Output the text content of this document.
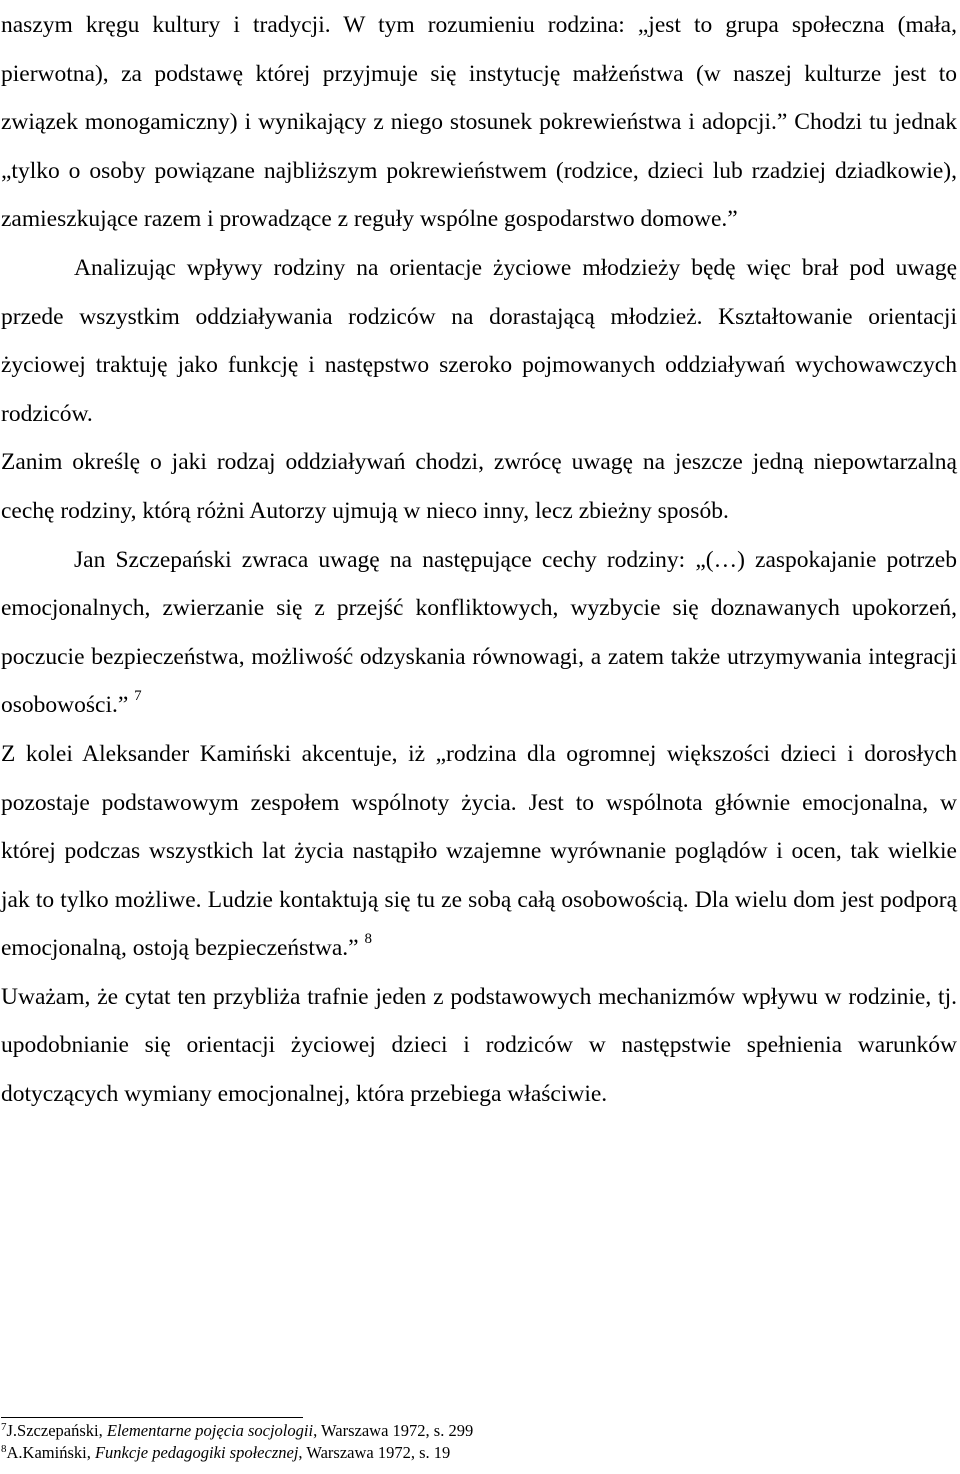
naszym kręgu kultury i tradycji. W tym rozumieniu rodzina: „jest to grupa społeczna (mała, pierwotna), za podstawę której przyjmuje się instytucję małżeństwa (w naszej kulturze jest to związek monogamiczny) i wynikający z niego stosunek pokrewieństwa i adopcji.” Chodzi tu jednak „tylko o osoby powiązane najbliższym pokrewieństwem (rodzice, dzieci lub rzadziej dziadkowie), zamieszkujące razem i prowadzące z reguły wspólne gospodarstwo domowe.”

Analizując wpływy rodziny na orientacje życiowe młodzieży będę więc brał pod uwagę przede wszystkim oddziaływania rodziców na dorastającą młodzież. Kształtowanie orientacji życiowej traktuję jako funkcję i następstwo szeroko pojmowanych oddziaływań wychowawczych rodziców.

Zanim określę o jaki rodzaj oddziaływań chodzi, zwrócę uwagę na jeszcze jedną niepowtarzalną cechę rodziny, którą różni Autorzy ujmują w nieco inny, lecz zbieżny sposób.

Jan Szczepański zwraca uwagę na następujące cechy rodziny: „(…) zaspokajanie potrzeb emocjonalnych, zwierzanie się z przejść konfliktowych, wyzbycie się doznawanych upokorzeń, poczucie bezpieczeństwa, możliwość odzyskania równowagi, a zatem także utrzymywania integracji osobowości.” $^7$

Z kolei Aleksander Kamiński akcentuje, iż „rodzina dla ogromnej większości dzieci i dorosłych pozostaje podstawowym zespołem wspólnoty życia. Jest to wspólnota głównie emocjonalna, w której podczas wszystkich lat życia nastąpiło wzajemne wyrównanie poglądów i ocen, tak wielkie jak to tylko możliwe. Ludzie kontaktują się tu ze sobą całą osobowością. Dla wielu dom jest podporą emocjonalną, ostoją bezpieczeństwa.” $^8$

Uważam, że cytat ten przybliża trafnie jeden z podstawowych mechanizmów wpływu w rodzinie, tj. upodobnianie się orientacji życiowej dzieci i rodziców w następstwie spełnienia warunków dotyczących wymiany emocjonalnej, która przebiega właściwie.

$^7$J.Szczepański, Elementarne pojęcia socjologii, Warszawa 1972, s. 299
$^8$A.Kamiński, Funkcje pedagogiki społecznej, Warszawa 1972, s. 19
